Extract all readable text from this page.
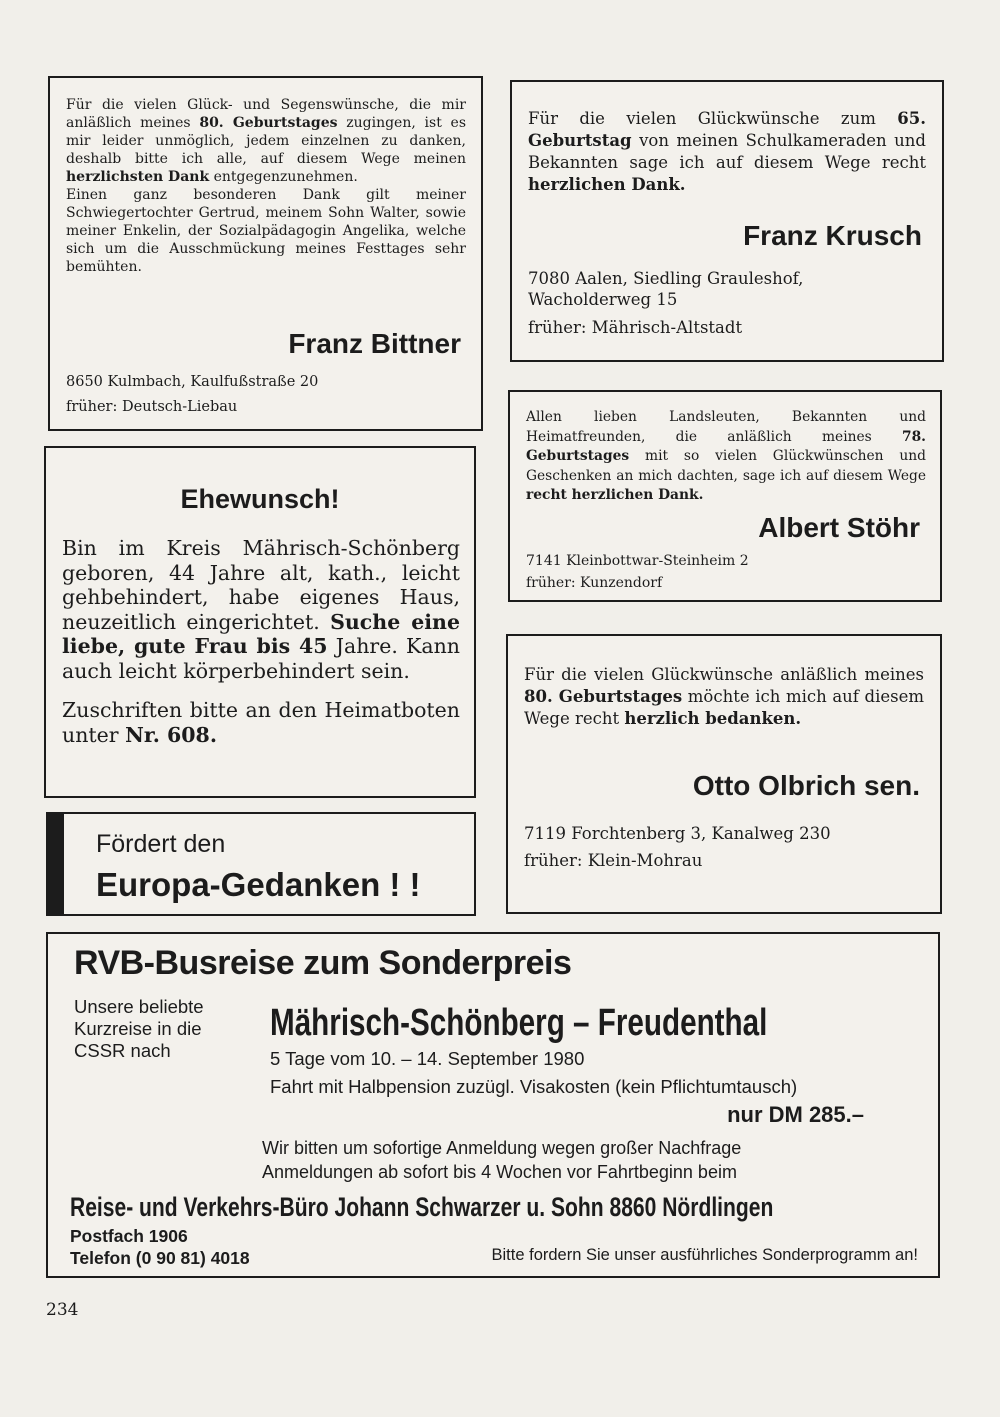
Für die vielen Glück- und Segenswünsche, die mir anläßlich meines 80. Geburtstages zugingen, ist es mir leider unmöglich, jedem einzelnen zu danken, deshalb bitte ich alle, auf diesem Wege meinen herzlichsten Dank entgegenzunehmen.

Einen ganz besonderen Dank gilt meiner Schwiegertochter Gertrud, meinem Sohn Walter, sowie meiner Enkelin, der Sozialpädagogin Angelika, welche sich um die Ausschmückung meines Festtages sehr bemühten.

Franz Bittner
8650 Kulmbach, Kaulfußstraße 20
früher: Deutsch-Liebau

Für die vielen Glückwünsche zum 65. Geburtstag von meinen Schulkameraden und Bekannten sage ich auf diesem Wege recht herzlichen Dank.

Franz Krusch
7080 Aalen, Siedling Grauleshof,
Wacholderweg 15
früher: Mährisch-Altstadt

Allen lieben Landsleuten, Bekannten und Heimatfreunden, die anläßlich meines 78. Geburtstages mit so vielen Glückwünschen und Geschenken an mich dachten, sage ich auf diesem Wege recht herzlichen Dank.

Albert Stöhr
7141 Kleinbottwar-Steinheim 2
früher: Kunzendorf
Ehewunsch!

Bin im Kreis Mährisch-Schönberg geboren, 44 Jahre alt, kath., leicht gehbehindert, habe eigenes Haus, neuzeitlich eingerichtet. Suche eine liebe, gute Frau bis 45 Jahre. Kann auch leicht körperbehindert sein.

Zuschriften bitte an den Heimatboten unter Nr. 608.

Für die vielen Glückwünsche anläßlich meines 80. Geburtstages möchte ich mich auf diesem Wege recht herzlich bedanken.

Otto Olbrich sen.
7119 Forchtenberg 3, Kanalweg 230
früher: Klein-Mohrau
Fördert den
Europa-Gedanken ! !
RVB-Busreise zum Sonderpreis
Unsere beliebte
Kurzreise in die
CSSR nach
Mährisch-Schönberg – Freudenthal
5 Tage vom 10. – 14. September 1980
Fahrt mit Halbpension zuzügl. Visakosten (kein Pflichtumtausch)
nur DM 285.–
Wir bitten um sofortige Anmeldung wegen großer Nachfrage
Anmeldungen ab sofort bis 4 Wochen vor Fahrtbeginn beim
Reise- und Verkehrs-Büro Johann Schwarzer u. Sohn 8860 Nördlingen
Postfach 1906
Telefon (0 90 81) 4018	Bitte fordern Sie unser ausführliches Sonderprogramm an!
234
